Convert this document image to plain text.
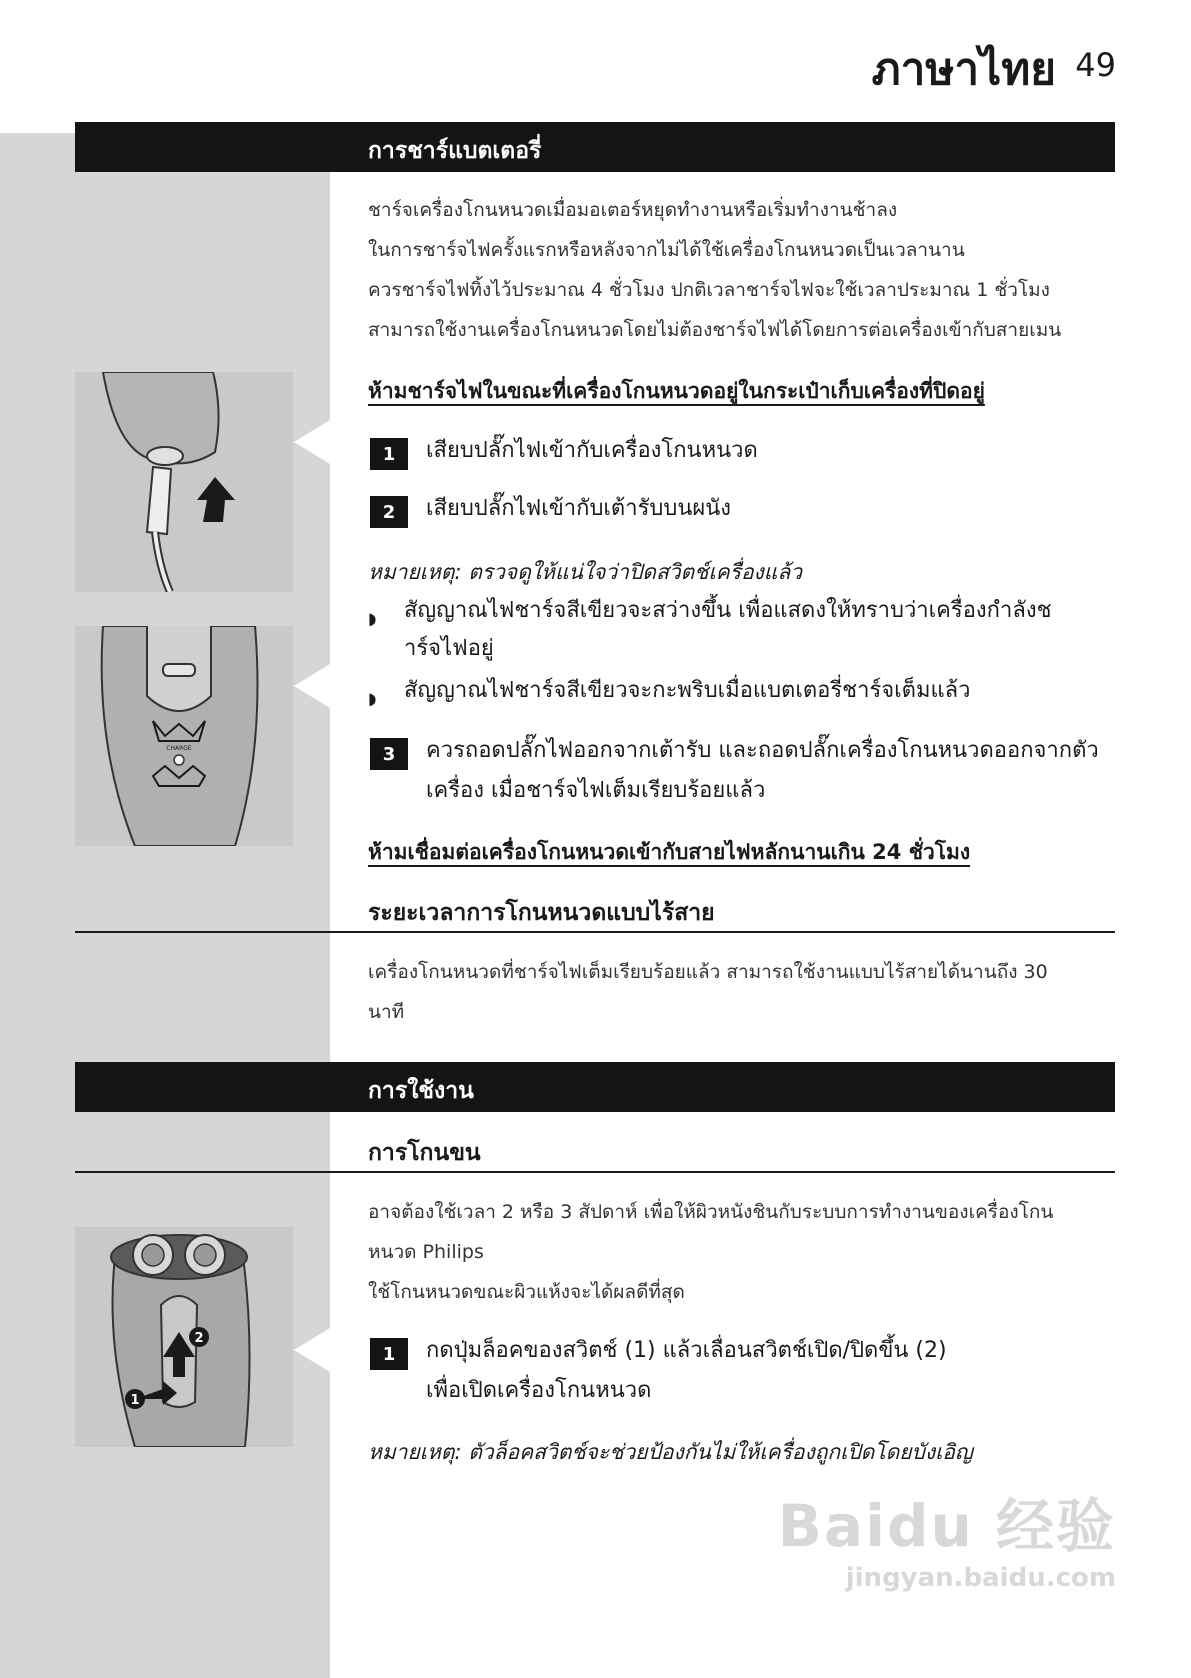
ภาษาไทย 49
การชาร์แบตเตอรี่
ชาร์จเครื่องโกนหนวดเมื่อมอเตอร์หยุดทำงานหรือเริ่มทำงานช้าลง
ในการชาร์จไฟครั้งแรกหรือหลังจากไม่ได้ใช้เครื่องโกนหนวดเป็นเวลานาน
ควรชาร์จไฟทิ้งไว้ประมาณ 4 ชั่วโมง ปกติเวลาชาร์จไฟจะใช้เวลาประมาณ 1 ชั่วโมง
สามารถใช้งานเครื่องโกนหนวดโดยไม่ต้องชาร์จไฟได้โดยการต่อเครื่องเข้ากับสายเมน
ห้ามชาร์จไฟในขณะที่เครื่องโกนหนวดอยู่ในกระเป๋าเก็บเครื่องที่ปิดอยู่
1	เสียบปลั๊กไฟเข้ากับเครื่องโกนหนวด
2	เสียบปลั๊กไฟเข้ากับเต้ารับบนผนัง
หมายเหตุ: ตรวจดูให้แน่ใจว่าปิดสวิตช์เครื่องแล้ว
◗ สัญญาณไฟชาร์จสีเขียวจะสว่างขึ้น เพื่อแสดงให้ทราบว่าเครื่องกำลังช
าร์จไฟอยู่
◗ สัญญาณไฟชาร์จสีเขียวจะกะพริบเมื่อแบตเตอรี่ชาร์จเต็มแล้ว
CHARGE	3	ควรถอดปลั๊กไฟออกจากเต้ารับ และถอดปลั๊กเครื่องโกนหนวดออกจากตัว
เครื่อง เมื่อชาร์จไฟเต็มเรียบร้อยแล้ว
ห้ามเชื่อมต่อเครื่องโกนหนวดเข้ากับสายไฟหลักนานเกิน 24 ชั่วโมง
ระยะเวลาการโกนหนวดแบบไร้สาย
เครื่องโกนหนวดที่ชาร์จไฟเต็มเรียบร้อยแล้ว สามารถใช้งานแบบไร้สายได้นานถึง 30
นาที
การใช้งาน
การโกนขน
อาจต้องใช้เวลา 2 หรือ 3 สัปดาห์ เพื่อให้ผิวหนังชินกับระบบการทำงานของเครื่องโกน
หนวด Philips
ใช้โกนหนวดขณะผิวแห้งจะได้ผลดีที่สุด
2
1
1	กดปุ่มล็อคของสวิตช์ (1) แล้วเลื่อนสวิตช์เปิด/ปิดขึ้น (2)
เพื่อเปิดเครื่องโกนหนวด
หมายเหตุ: ตัวล็อคสวิตช์จะช่วยป้องกันไม่ให้เครื่องถูกเปิดโดยบังเอิญ
Baidu 经验
jingyan.baidu.com
